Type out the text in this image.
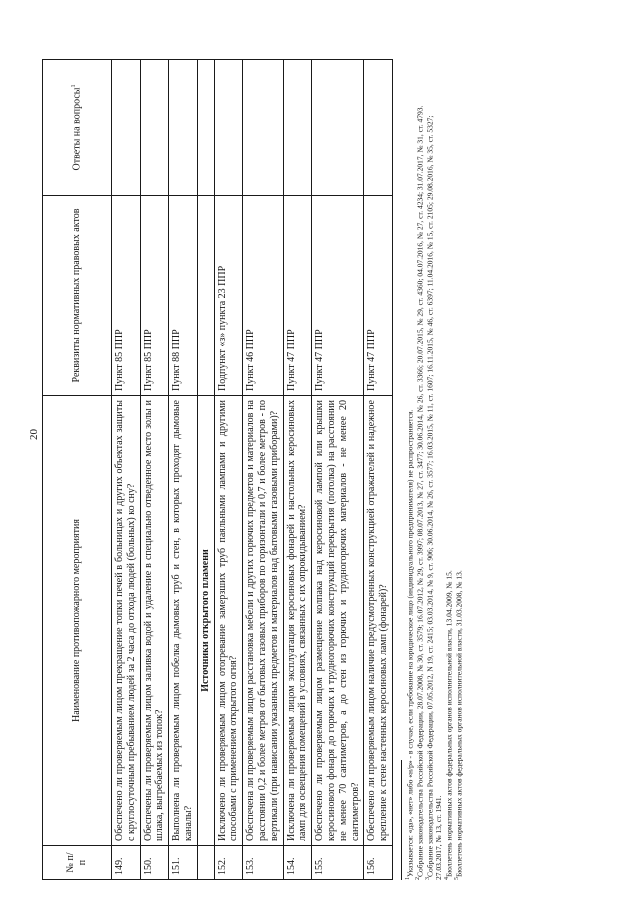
20
№ п/п	Наименование противопожарного мероприятия	Реквизиты нормативных правовых актов	Ответы на вопросы$^1$
149.	Обеспечено ли проверяемым лицом прекращение топки печей в больницах и других объектах защиты с круглосуточным пребыванием людей за 2 часа до отхода людей (больных) ко сну?	Пункт 85 ППР	
150.	Обеспечены ли проверяемым лицом заливка водой и удаление в специально отведенное место золы и шлака, выгребаемых из топок?	Пункт 85 ППР	
151.	Выполнена ли проверяемым лицом побелка дымовых труб и стен, в которых проходят дымовые каналы?	Пункт 88 ППР	
	Источники открытого пламени		
152.	Исключено ли проверяемым лицом отогревание замерзших труб паяльными лампами и другими способами с применением открытого огня?	Подпункт «з» пункта 23 ППР	
153.	Обеспечена ли проверяемым лицом расстановка мебели и других горючих предметов и материалов на расстоянии 0,2 и более метров от бытовых газовых приборов по горизонтали и 0,7 и более метров - по вертикали (при нависании указанных предметов и материалов над бытовыми газовыми приборами)?	Пункт 46 ППР	
154.	Исключена ли проверяемым лицом эксплуатация керосиновых фонарей и настольных керосиновых ламп для освещения помещений в условиях, связанных с их опрокидыванием?	Пункт 47 ППР	
155.	Обеспечено ли проверяемым лицом размещение колпака над керосиновой лампой или крышки керосинового фонаря до горючих и трудногорючих конструкций перекрытия (потолка) на расстоянии не менее 70 сантиметров, а до стен из горючих и трудногорючих материалов - не менее 20 сантиметров?	Пункт 47 ППР	
156.	Обеспечено ли проверяемым лицом наличие предусмотренных конструкцией отражателей и надежное крепление к стене настенных керосиновых ламп (фонарей)?	Пункт 47 ППР	

$^1$Указывается: «да», «нет» либо «н/р» - в случае, если требование на юридическое лицо (индивидуального предпринимателя) не распространяется.

$^2$Собрание законодательства Российской Федерации, 28.07.2008, № 30, ст. 3579; 16.07.2012, № 29, ст. 3997; 08.07.2013, № 27, ст. 3477; 30.06.2014, № 26, ст. 3366; 20.07.2015, № 29, ст. 4360; 04.07.2016, № 27, ст. 4234; 31.07.2017, № 31, ст. 4793.

$^3$Собрание законодательства Российской Федерации, 07.05.2012, N 19, ст. 2415; 03.03.2014, № 9, ст. 906; 30.06.2014, № 26, ст. 3577; 16.03.2015, № 11, ст. 1607; 16.11.2015, № 46, ст. 6397; 11.04.2016, № 15, ст. 2105; 29.08.2016, № 35, ст. 5327; 27.03.2017, № 13, ст. 1941. $^4$Бюллетень нормативных актов федеральных органов исполнительной власти, 13.04.2009, № 15.

$^5$Бюллетень нормативных актов федеральных органов исполнительной власти, 31.03.2008, № 13.
